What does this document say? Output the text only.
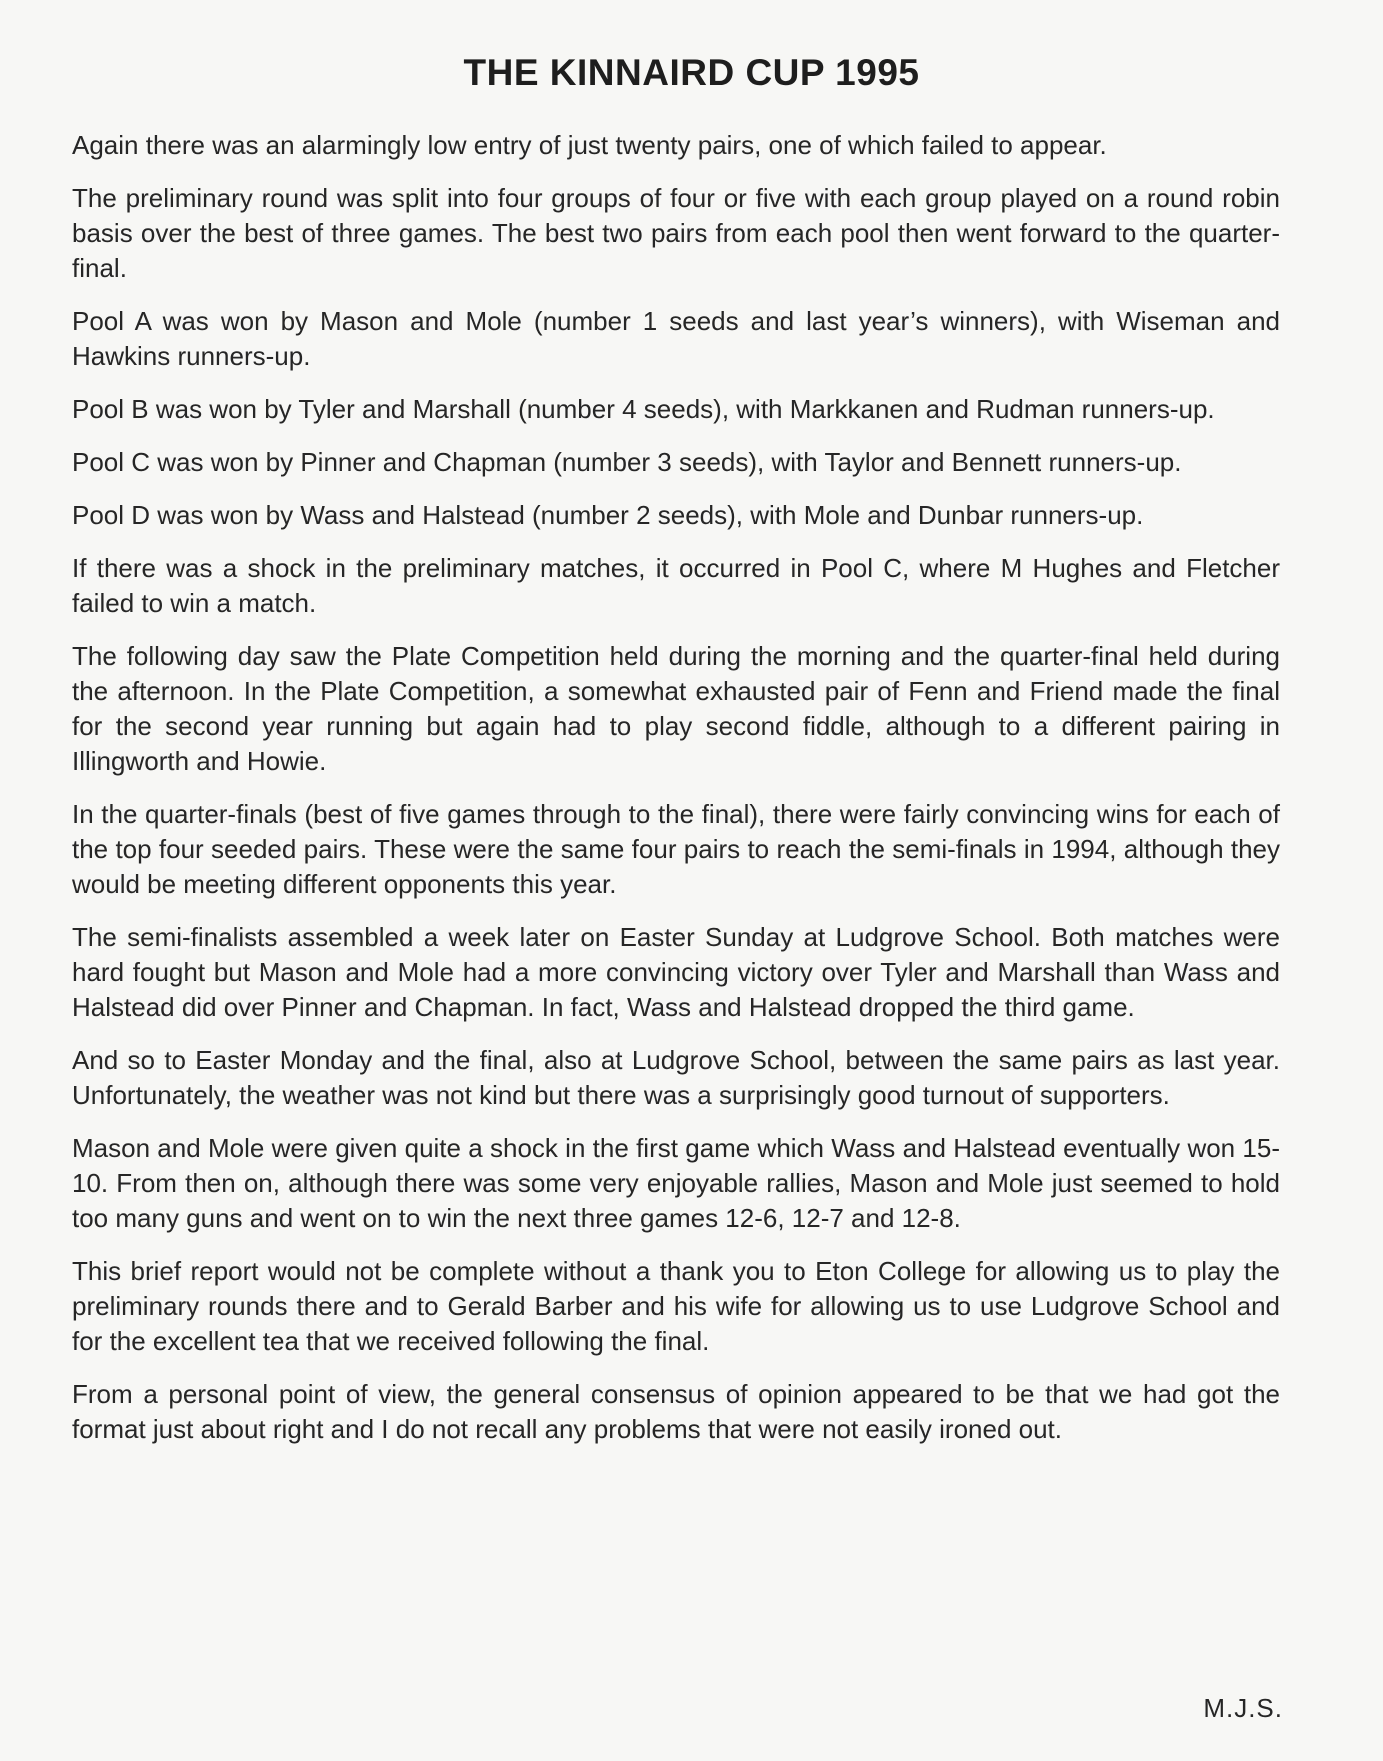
THE KINNAIRD CUP 1995

Again there was an alarmingly low entry of just twenty pairs, one of which failed to appear.

The preliminary round was split into four groups of four or five with each group played on a round robin basis over the best of three games. The best two pairs from each pool then went forward to the quarter-final.

Pool A was won by Mason and Mole (number 1 seeds and last year’s winners), with Wiseman and Hawkins runners-up.

Pool B was won by Tyler and Marshall (number 4 seeds), with Markkanen and Rudman runners-up.

Pool C was won by Pinner and Chapman (number 3 seeds), with Taylor and Bennett runners-up.

Pool D was won by Wass and Halstead (number 2 seeds), with Mole and Dunbar runners-up.

If there was a shock in the preliminary matches, it occurred in Pool C, where M Hughes and Fletcher failed to win a match.

The following day saw the Plate Competition held during the morning and the quarter-final held during the afternoon. In the Plate Competition, a somewhat exhausted pair of Fenn and Friend made the final for the second year running but again had to play second fiddle, although to a different pairing in Illingworth and Howie.

In the quarter-finals (best of five games through to the final), there were fairly convincing wins for each of the top four seeded pairs. These were the same four pairs to reach the semi-finals in 1994, although they would be meeting different opponents this year.

The semi-finalists assembled a week later on Easter Sunday at Ludgrove School. Both matches were hard fought but Mason and Mole had a more convincing victory over Tyler and Marshall than Wass and Halstead did over Pinner and Chapman. In fact, Wass and Halstead dropped the third game.

And so to Easter Monday and the final, also at Ludgrove School, between the same pairs as last year. Unfortunately, the weather was not kind but there was a surprisingly good turnout of supporters.

Mason and Mole were given quite a shock in the first game which Wass and Halstead eventually won 15-10. From then on, although there was some very enjoyable rallies, Mason and Mole just seemed to hold too many guns and went on to win the next three games 12-6, 12-7 and 12-8.

This brief report would not be complete without a thank you to Eton College for allowing us to play the preliminary rounds there and to Gerald Barber and his wife for allowing us to use Ludgrove School and for the excellent tea that we received following the final.

From a personal point of view, the general consensus of opinion appeared to be that we had got the format just about right and I do not recall any problems that were not easily ironed out.

M.J.S.
